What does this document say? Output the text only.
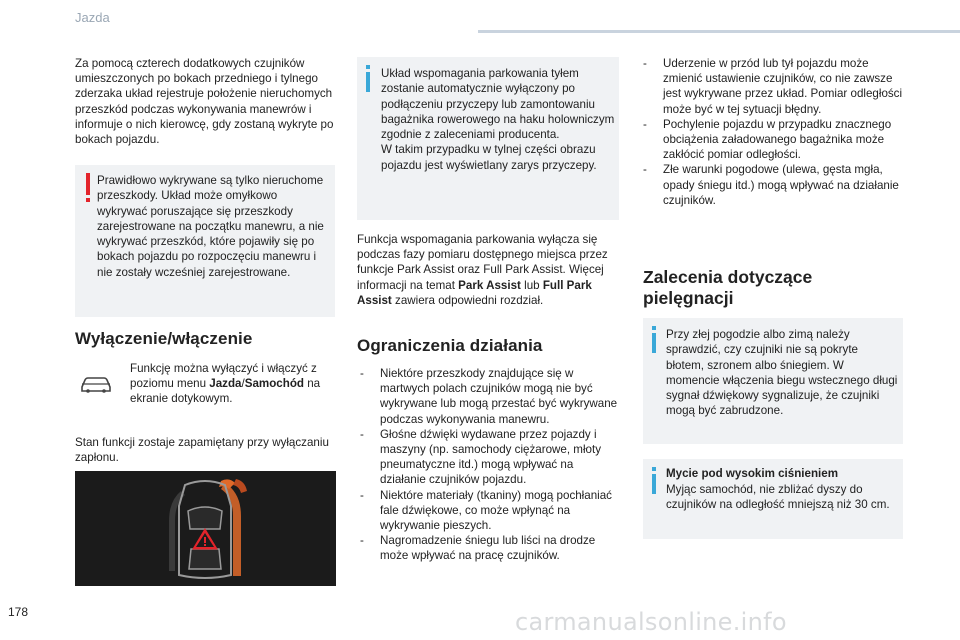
Jazda
Za pomocą czterech dodatkowych czujników umieszczonych po bokach przedniego i tylnego zderzaka układ rejestruje położenie nieruchomych przeszkód podczas wykonywania manewrów i informuje o nich kierowcę, gdy zostaną wykryte po bokach pojazdu.
Prawidłowo wykrywane są tylko nieruchome przeszkody. Układ może omyłkowo wykrywać poruszające się przeszkody zarejestrowane na początku manewru, a nie wykrywać przeszkód, które pojawiły się po bokach pojazdu po rozpoczęciu manewru i nie zostały wcześniej zarejestrowane.
Wyłączenie/włączenie
Funkcję można wyłączyć i włączyć z poziomu menu Jazda/Samochód na ekranie dotykowym.
Stan funkcji zostaje zapamiętany przy wyłączaniu zapłonu.
Układ wspomagania parkowania tyłem zostanie automatycznie wyłączony po podłączeniu przyczepy lub zamontowaniu bagażnika rowerowego na haku holowniczym zgodnie z zaleceniami producenta.
W takim przypadku w tylnej części obrazu pojazdu jest wyświetlany zarys przyczepy.
Funkcja wspomagania parkowania wyłącza się podczas fazy pomiaru dostępnego miejsca przez funkcje Park Assist oraz Full Park Assist. Więcej informacji na temat Park Assist lub Full Park Assist zawiera odpowiedni rozdział.
Ograniczenia działania
- Niektóre przeszkody znajdujące się w martwych polach czujników mogą nie być wykrywane lub mogą przestać być wykrywane podczas wykonywania manewru.
- Głośne dźwięki wydawane przez pojazdy i maszyny (np. samochody ciężarowe, młoty pneumatyczne itd.) mogą wpływać na działanie czujników pojazdu.
- Niektóre materiały (tkaniny) mogą pochłaniać fale dźwiękowe, co może wpłynąć na wykrywanie pieszych.
- Nagromadzenie śniegu lub liści na drodze może wpływać na pracę czujników.
- Uderzenie w przód lub tył pojazdu może zmienić ustawienie czujników, co nie zawsze jest wykrywane przez układ. Pomiar odległości może być w tej sytuacji błędny.
- Pochylenie pojazdu w przypadku znacznego obciążenia załadowanego bagażnika może zakłócić pomiar odległości.
- Złe warunki pogodowe (ulewa, gęsta mgła, opady śniegu itd.) mogą wpływać na działanie czujników.
Zalecenia dotyczące pielęgnacji
Przy złej pogodzie albo zimą należy sprawdzić, czy czujniki nie są pokryte błotem, szronem albo śniegiem. W momencie włączenia biegu wstecznego długi sygnał dźwiękowy sygnalizuje, że czujniki mogą być zabrudzone.
Mycie pod wysokim ciśnieniem
Myjąc samochód, nie zbliżać dyszy do czujników na odległość mniejszą niż 30 cm.
178	carmanualsonline.info
